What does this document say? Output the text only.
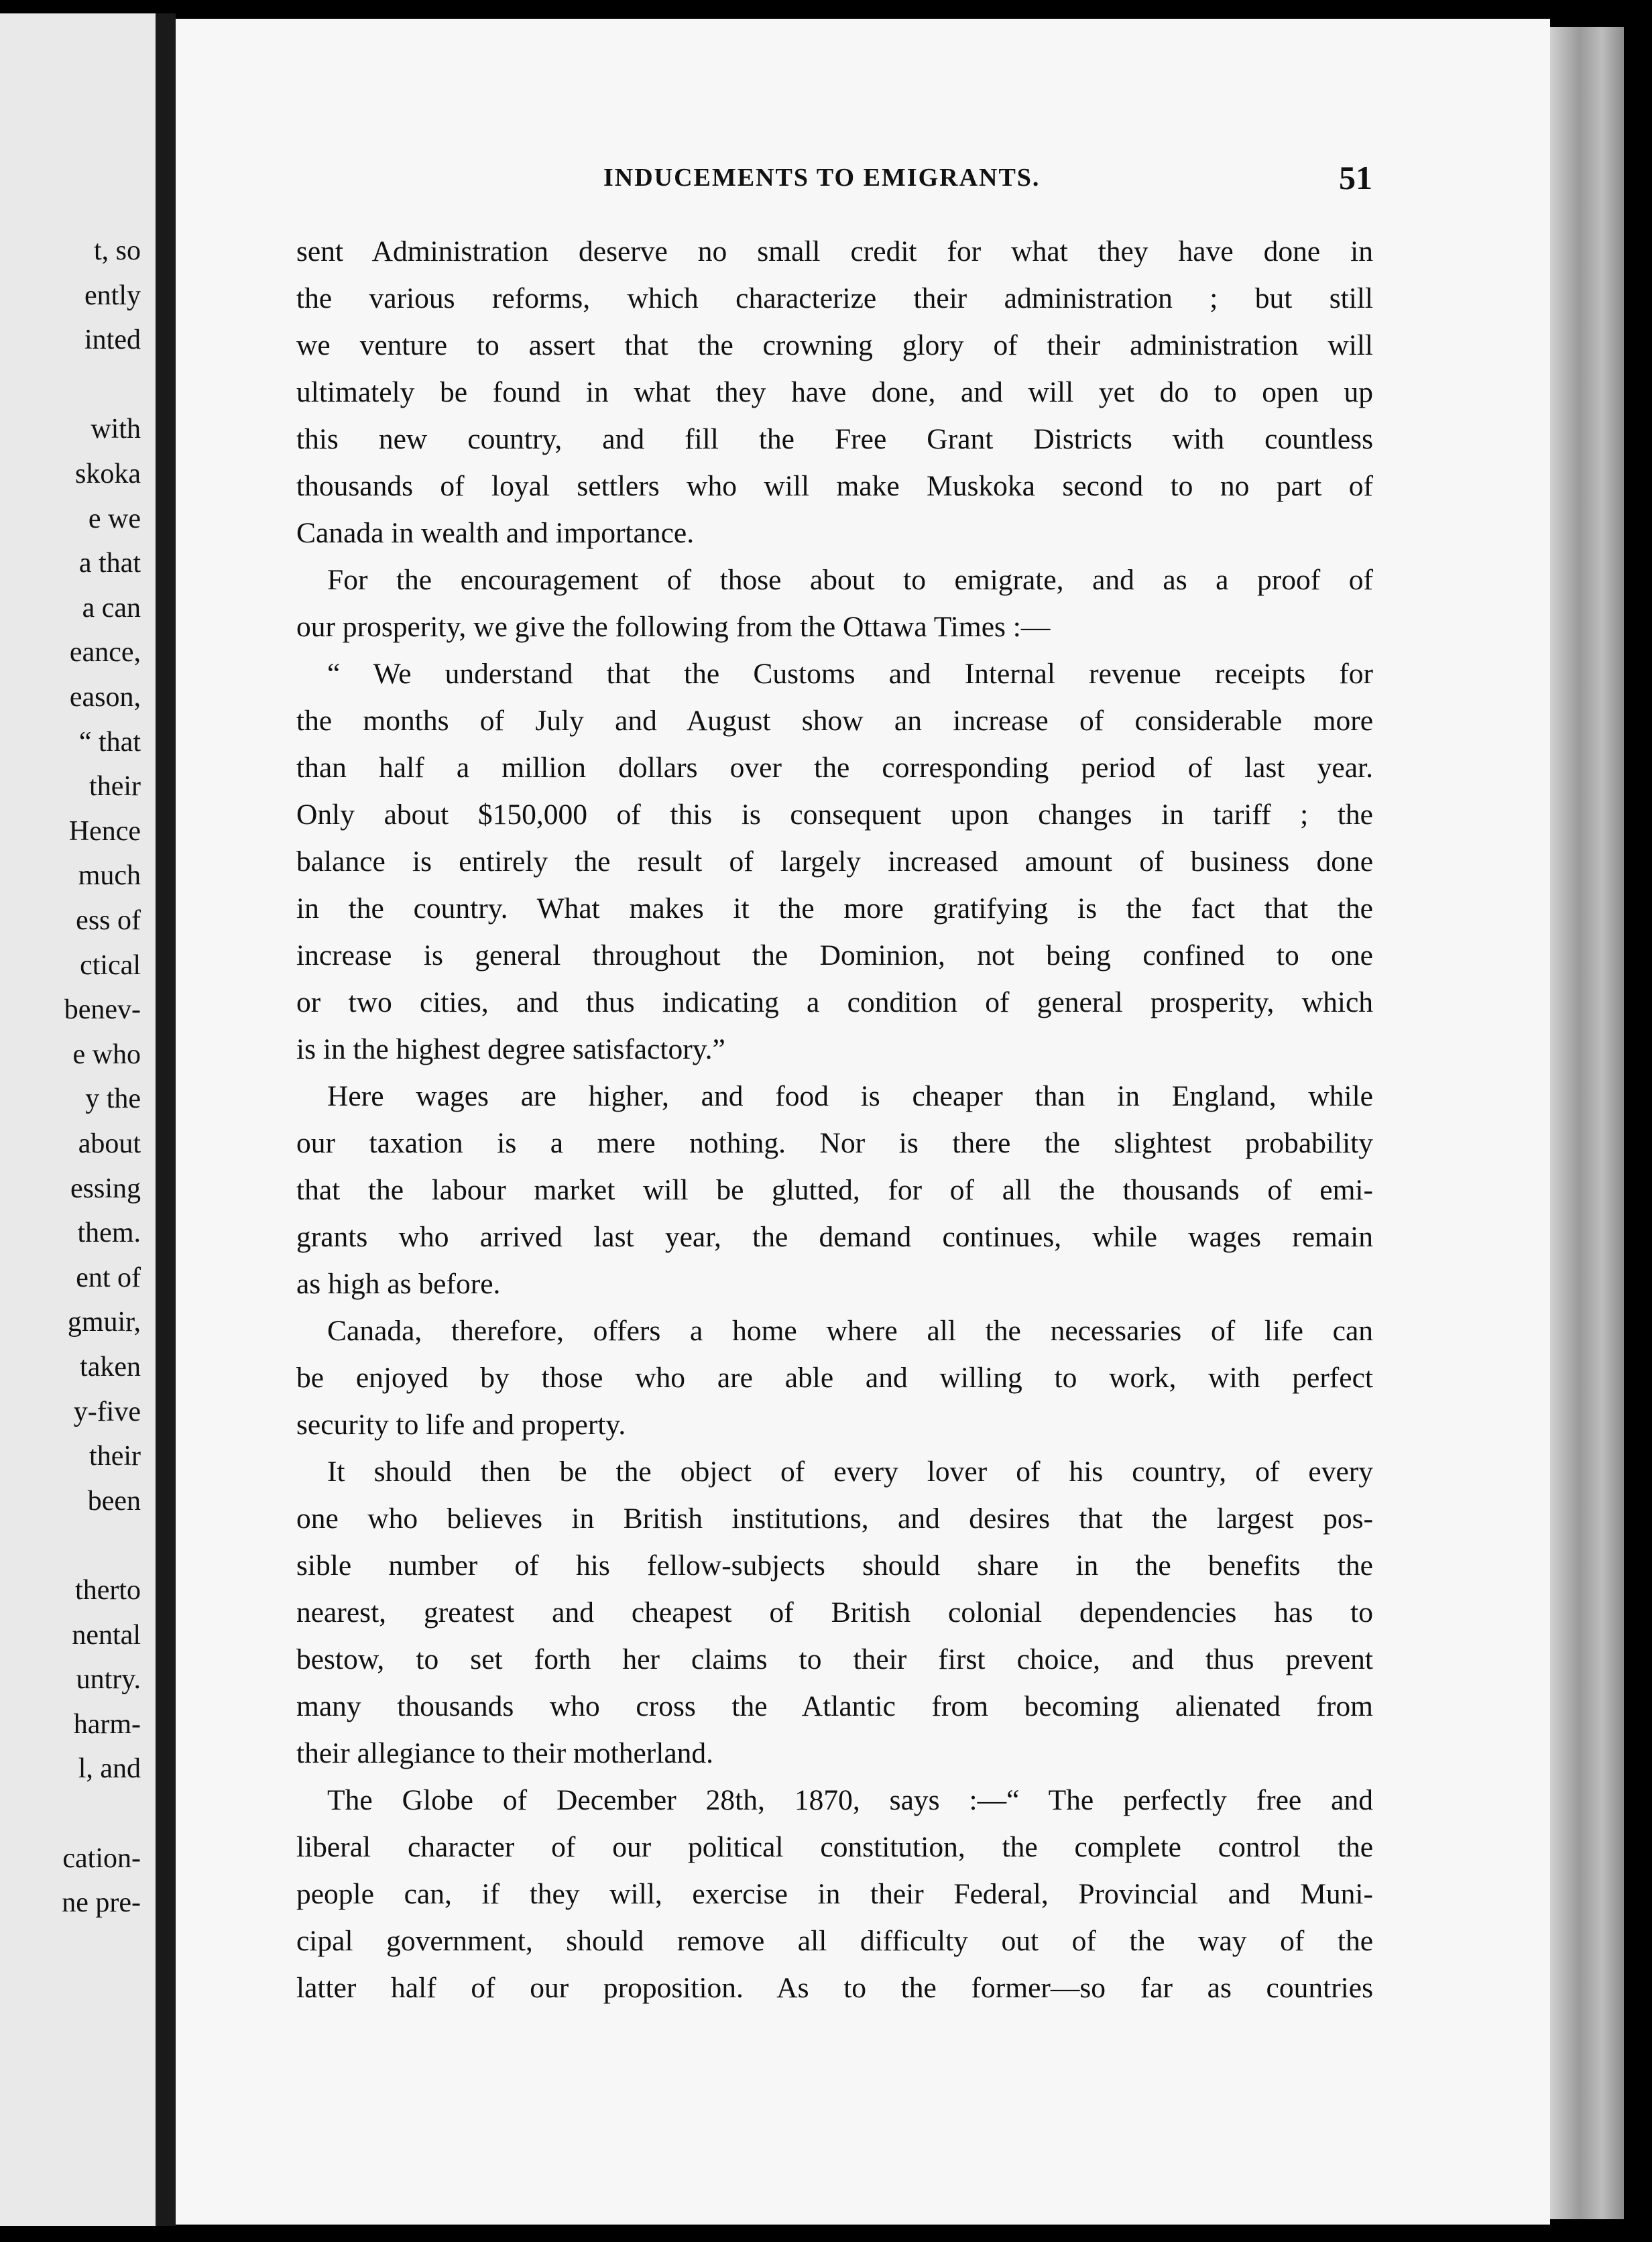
t, so
ently
inted
with
skoka
e we
a that
a can
eance,
eason,
“ that
their
Hence
much
ess of
ctical
benev-
e who
y the
about
essing
them.
ent of
gmuir,
taken
y-five
their
been
therto
nental
untry.
harm-
l, and
cation-
ne pre-
INDUCEMENTS TO EMIGRANTS.	51
sent Administration deserve no small credit for what they have done in
the various reforms, which characterize their administration ; but still
we venture to assert that the crowning glory of their administration will
ultimately be found in what they have done, and will yet do to open up
this new country, and fill the Free Grant Districts with countless
thousands of loyal settlers who will make Muskoka second to no part of
Canada in wealth and importance.
For the encouragement of those about to emigrate, and as a proof of
our prosperity, we give the following from the Ottawa Times :—
“ We understand that the Customs and Internal revenue receipts for
the months of July and August show an increase of considerable more
than half a million dollars over the corresponding period of last year.
Only about $150,000 of this is consequent upon changes in tariff ; the
balance is entirely the result of largely increased amount of business done
in the country. What makes it the more gratifying is the fact that the
increase is general throughout the Dominion, not being confined to one
or two cities, and thus indicating a condition of general prosperity, which
is in the highest degree satisfactory.”
Here wages are higher, and food is cheaper than in England, while
our taxation is a mere nothing. Nor is there the slightest probability
that the labour market will be glutted, for of all the thousands of emi-
grants who arrived last year, the demand continues, while wages remain
as high as before.
Canada, therefore, offers a home where all the necessaries of life can
be enjoyed by those who are able and willing to work, with perfect
security to life and property.
It should then be the object of every lover of his country, of every
one who believes in British institutions, and desires that the largest pos-
sible number of his fellow-subjects should share in the benefits the
nearest, greatest and cheapest of British colonial dependencies has to
bestow, to set forth her claims to their first choice, and thus prevent
many thousands who cross the Atlantic from becoming alienated from
their allegiance to their motherland.
The Globe of December 28th, 1870, says :—“ The perfectly free and
liberal character of our political constitution, the complete control the
people can, if they will, exercise in their Federal, Provincial and Muni-
cipal government, should remove all difficulty out of the way of the
latter half of our proposition. As to the former—so far as countries
